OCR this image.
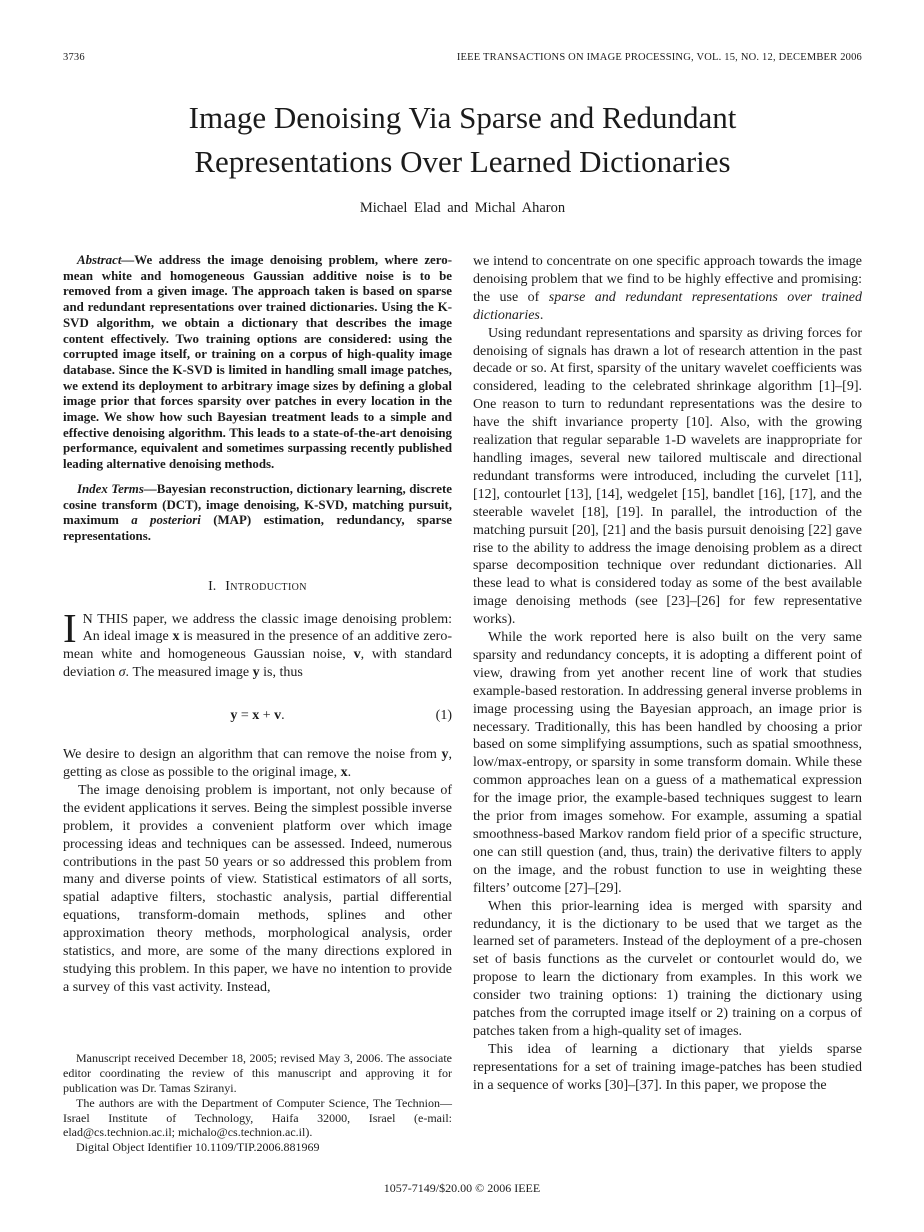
3736	IEEE TRANSACTIONS ON IMAGE PROCESSING, VOL. 15, NO. 12, DECEMBER 2006
Image Denoising Via Sparse and Redundant
Representations Over Learned Dictionaries
Michael Elad and Michal Aharon

Abstract—We address the image denoising problem, where zero-mean white and homogeneous Gaussian additive noise is to be removed from a given image. The approach taken is based on sparse and redundant representations over trained dictionaries. Using the K-SVD algorithm, we obtain a dictionary that describes the image content effectively. Two training options are considered: using the corrupted image itself, or training on a corpus of high-quality image database. Since the K-SVD is limited in handling small image patches, we extend its deployment to arbitrary image sizes by defining a global image prior that forces sparsity over patches in every location in the image. We show how such Bayesian treatment leads to a simple and effective denoising algorithm. This leads to a state-of-the-art denoising performance, equivalent and sometimes surpassing recently published leading alternative denoising methods.

Index Terms—Bayesian reconstruction, dictionary learning, discrete cosine transform (DCT), image denoising, K-SVD, matching pursuit, maximum a posteriori (MAP) estimation, redundancy, sparse representations.

I. Introduction

I N THIS paper, we address the classic image denoising problem: An ideal image x is measured in the presence of an additive zero-mean white and homogeneous Gaussian noise, v, with standard deviation σ. The measured image y is, thus

y = x + v.	(1)

We desire to design an algorithm that can remove the noise from y, getting as close as possible to the original image, x.

The image denoising problem is important, not only because of the evident applications it serves. Being the simplest possible inverse problem, it provides a convenient platform over which image processing ideas and techniques can be assessed. Indeed, numerous contributions in the past 50 years or so addressed this problem from many and diverse points of view. Statistical estimators of all sorts, spatial adaptive filters, stochastic analysis, partial differential equations, transform-domain methods, splines and other approximation theory methods, morphological analysis, order statistics, and more, are some of the many directions explored in studying this problem. In this paper, we have no intention to provide a survey of this vast activity. Instead,

Manuscript received December 18, 2005; revised May 3, 2006. The associate editor coordinating the review of this manuscript and approving it for publication was Dr. Tamas Sziranyi.

The authors are with the Department of Computer Science, The Technion—Israel Institute of Technology, Haifa 32000, Israel (e-mail: elad@cs.technion.ac.il; michalo@cs.technion.ac.il).

Digital Object Identifier 10.1109/TIP.2006.881969

we intend to concentrate on one specific approach towards the image denoising problem that we find to be highly effective and promising: the use of sparse and redundant representations over trained dictionaries.

Using redundant representations and sparsity as driving forces for denoising of signals has drawn a lot of research attention in the past decade or so. At first, sparsity of the unitary wavelet coefficients was considered, leading to the celebrated shrinkage algorithm [1]–[9]. One reason to turn to redundant representations was the desire to have the shift invariance property [10]. Also, with the growing realization that regular separable 1-D wavelets are inappropriate for handling images, several new tailored multiscale and directional redundant transforms were introduced, including the curvelet [11], [12], contourlet [13], [14], wedgelet [15], bandlet [16], [17], and the steerable wavelet [18], [19]. In parallel, the introduction of the matching pursuit [20], [21] and the basis pursuit denoising [22] gave rise to the ability to address the image denoising problem as a direct sparse decomposition technique over redundant dictionaries. All these lead to what is considered today as some of the best available image denoising methods (see [23]–[26] for few representative works).

While the work reported here is also built on the very same sparsity and redundancy concepts, it is adopting a different point of view, drawing from yet another recent line of work that studies example-based restoration. In addressing general inverse problems in image processing using the Bayesian approach, an image prior is necessary. Traditionally, this has been handled by choosing a prior based on some simplifying assumptions, such as spatial smoothness, low/max-entropy, or sparsity in some transform domain. While these common approaches lean on a guess of a mathematical expression for the image prior, the example-based techniques suggest to learn the prior from images somehow. For example, assuming a spatial smoothness-based Markov random field prior of a specific structure, one can still question (and, thus, train) the derivative filters to apply on the image, and the robust function to use in weighting these filters’ outcome [27]–[29].

When this prior-learning idea is merged with sparsity and redundancy, it is the dictionary to be used that we target as the learned set of parameters. Instead of the deployment of a pre-chosen set of basis functions as the curvelet or contourlet would do, we propose to learn the dictionary from examples. In this work we consider two training options: 1) training the dictionary using patches from the corrupted image itself or 2) training on a corpus of patches taken from a high-quality set of images.

This idea of learning a dictionary that yields sparse representations for a set of training image-patches has been studied in a sequence of works [30]–[37]. In this paper, we propose the

1057-7149/$20.00 © 2006 IEEE
